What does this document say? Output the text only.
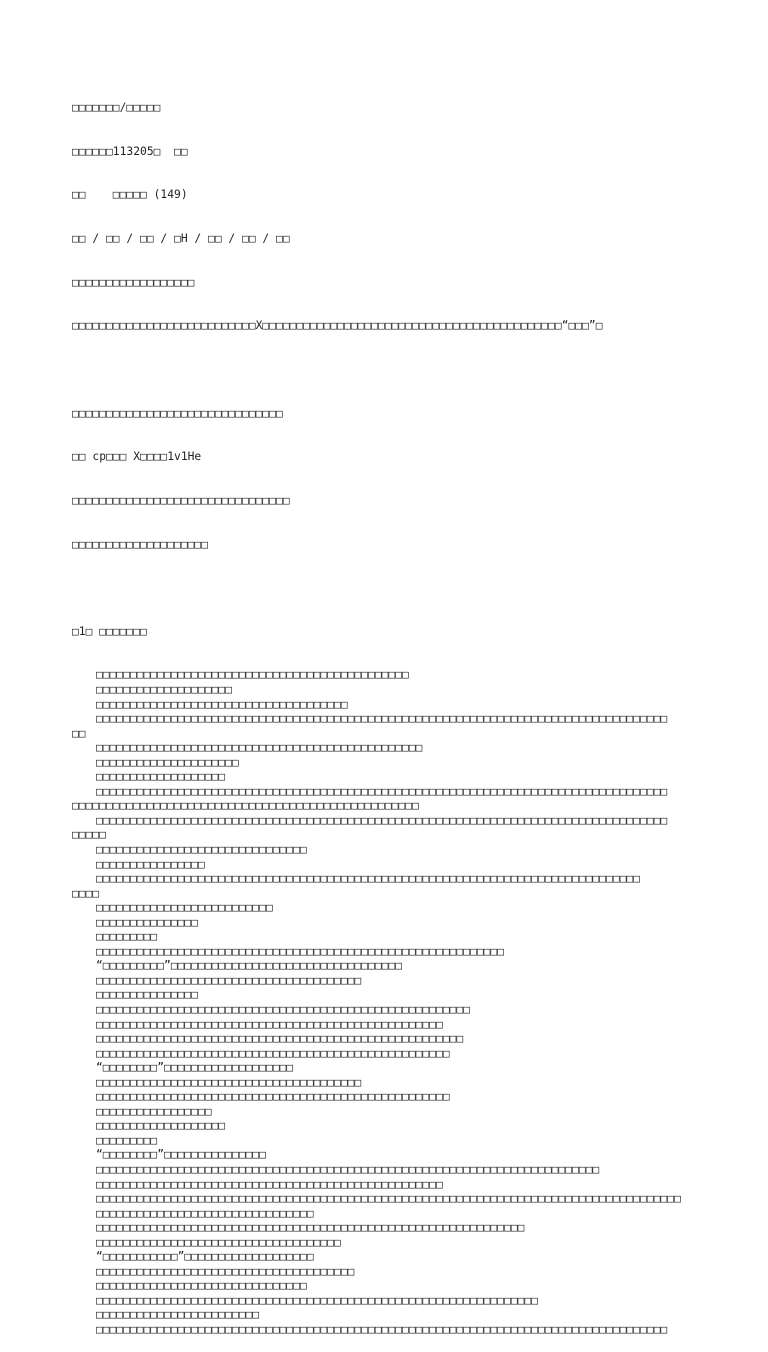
□□□□□□□/□□□□□

□□□□□□113205□  □□

□□    □□□□□ (149)

□□ / □□ / □□ / □H / □□ / □□ / □□

□□□□□□□□□□□□□□□□□□

□□□□□□□□□□□□□□□□□□□□□□□□□□□X□□□□□□□□□□□□□□□□□□□□□□□□□□□□□□□□□□□□□□□□□□□□“□□□”□

□□□□□□□□□□□□□□□□□□□□□□□□□□□□□□□

□□ cp□□□ X□□□□1v1He

□□□□□□□□□□□□□□□□□□□□□□□□□□□□□□□□

□□□□□□□□□□□□□□□□□□□□

□1□ □□□□□□□

□□□□□□□□□□□□□□□□□□□□□□□□□□□□□□□□□□□□□□□□□□□□□□
□□□□□□□□□□□□□□□□□□□□
□□□□□□□□□□□□□□□□□□□□□□□□□□□□□□□□□□□□□
□□□□□□□□□□□□□□□□□□□□□□□□□□□□□□□□□□□□□□□□□□□□□□□□□□□□□□□□□□□□□□□□□□□□□□□□□□□□□□□□□□□□
□□
□□□□□□□□□□□□□□□□□□□□□□□□□□□□□□□□□□□□□□□□□□□□□□□□
□□□□□□□□□□□□□□□□□□□□□
□□□□□□□□□□□□□□□□□□□
□□□□□□□□□□□□□□□□□□□□□□□□□□□□□□□□□□□□□□□□□□□□□□□□□□□□□□□□□□□□□□□□□□□□□□□□□□□□□□□□□□□□
□□□□□□□□□□□□□□□□□□□□□□□□□□□□□□□□□□□□□□□□□□□□□□□□□□□
□□□□□□□□□□□□□□□□□□□□□□□□□□□□□□□□□□□□□□□□□□□□□□□□□□□□□□□□□□□□□□□□□□□□□□□□□□□□□□□□□□□□
□□□□□
□□□□□□□□□□□□□□□□□□□□□□□□□□□□□□□
□□□□□□□□□□□□□□□□
□□□□□□□□□□□□□□□□□□□□□□□□□□□□□□□□□□□□□□□□□□□□□□□□□□□□□□□□□□□□□□□□□□□□□□□□□□□□□□□□
□□□□
□□□□□□□□□□□□□□□□□□□□□□□□□□
□□□□□□□□□□□□□□□
□□□□□□□□□
□□□□□□□□□□□□□□□□□□□□□□□□□□□□□□□□□□□□□□□□□□□□□□□□□□□□□□□□□□□□
“□□□□□□□□□”□□□□□□□□□□□□□□□□□□□□□□□□□□□□□□□□□□
□□□□□□□□□□□□□□□□□□□□□□□□□□□□□□□□□□□□□□□
□□□□□□□□□□□□□□□
□□□□□□□□□□□□□□□□□□□□□□□□□□□□□□□□□□□□□□□□□□□□□□□□□□□□□□□
□□□□□□□□□□□□□□□□□□□□□□□□□□□□□□□□□□□□□□□□□□□□□□□□□□□
□□□□□□□□□□□□□□□□□□□□□□□□□□□□□□□□□□□□□□□□□□□□□□□□□□□□□□
□□□□□□□□□□□□□□□□□□□□□□□□□□□□□□□□□□□□□□□□□□□□□□□□□□□□
“□□□□□□□□”□□□□□□□□□□□□□□□□□□□
□□□□□□□□□□□□□□□□□□□□□□□□□□□□□□□□□□□□□□□
□□□□□□□□□□□□□□□□□□□□□□□□□□□□□□□□□□□□□□□□□□□□□□□□□□□□
□□□□□□□□□□□□□□□□□
□□□□□□□□□□□□□□□□□□□
□□□□□□□□□
“□□□□□□□□”□□□□□□□□□□□□□□□
□□□□□□□□□□□□□□□□□□□□□□□□□□□□□□□□□□□□□□□□□□□□□□□□□□□□□□□□□□□□□□□□□□□□□□□□□□
□□□□□□□□□□□□□□□□□□□□□□□□□□□□□□□□□□□□□□□□□□□□□□□□□□□
□□□□□□□□□□□□□□□□□□□□□□□□□□□□□□□□□□□□□□□□□□□□□□□□□□□□□□□□□□□□□□□□□□□□□□□□□□□□□□□□□□□□□□
□□□□□□□□□□□□□□□□□□□□□□□□□□□□□□□□
□□□□□□□□□□□□□□□□□□□□□□□□□□□□□□□□□□□□□□□□□□□□□□□□□□□□□□□□□□□□□□□
□□□□□□□□□□□□□□□□□□□□□□□□□□□□□□□□□□□□
“□□□□□□□□□□□”□□□□□□□□□□□□□□□□□□□
□□□□□□□□□□□□□□□□□□□□□□□□□□□□□□□□□□□□□□
□□□□□□□□□□□□□□□□□□□□□□□□□□□□□□□
□□□□□□□□□□□□□□□□□□□□□□□□□□□□□□□□□□□□□□□□□□□□□□□□□□□□□□□□□□□□□□□□□
□□□□□□□□□□□□□□□□□□□□□□□□
□□□□□□□□□□□□□□□□□□□□□□□□□□□□□□□□□□□□□□□□□□□□□□□□□□□□□□□□□□□□□□□□□□□□□□□□□□□□□□□□□□□□
